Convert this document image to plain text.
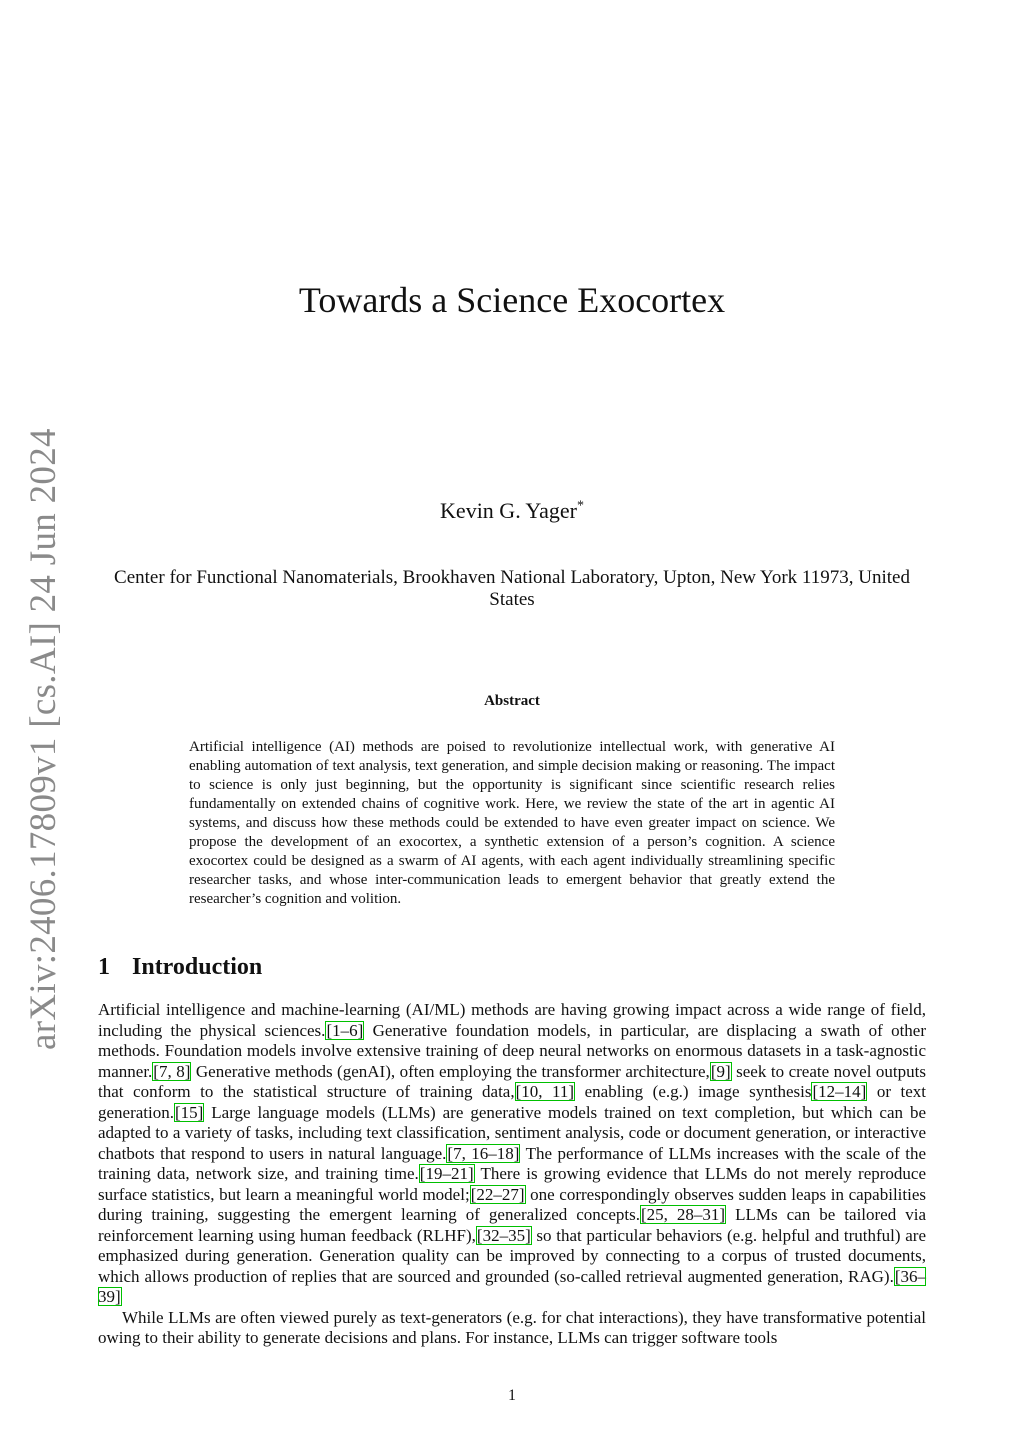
arXiv:2406.17809v1 [cs.AI] 24 Jun 2024
Towards a Science Exocortex
Kevin G. Yager*
Center for Functional Nanomaterials, Brookhaven National Laboratory, Upton, New York 11973, United States
Abstract
Artificial intelligence (AI) methods are poised to revolutionize intellectual work, with generative AI enabling automation of text analysis, text generation, and simple decision making or reasoning. The impact to science is only just beginning, but the opportunity is significant since scientific research relies fundamentally on extended chains of cognitive work. Here, we review the state of the art in agentic AI systems, and discuss how these methods could be extended to have even greater impact on science. We propose the development of an exocortex, a synthetic extension of a person’s cognition. A science exocortex could be designed as a swarm of AI agents, with each agent individually streamlining specific researcher tasks, and whose inter-communication leads to emergent behavior that greatly extend the researcher’s cognition and volition.
1 Introduction

Artificial intelligence and machine-learning (AI/ML) methods are having growing impact across a wide range of field, including the physical sciences.[1–6] Generative foundation models, in particular, are displacing a swath of other methods. Foundation models involve extensive training of deep neural networks on enormous datasets in a task-agnostic manner.[7, 8] Generative methods (genAI), often employing the transformer architecture,[9] seek to create novel outputs that conform to the statistical structure of training data,[10, 11] enabling (e.g.) image synthesis[12–14] or text generation.[15] Large language models (LLMs) are generative models trained on text completion, but which can be adapted to a variety of tasks, including text classification, sentiment analysis, code or document generation, or interactive chatbots that respond to users in natural language.[7, 16–18] The performance of LLMs increases with the scale of the training data, network size, and training time.[19–21] There is growing evidence that LLMs do not merely reproduce surface statistics, but learn a meaningful world model;[22–27] one correspondingly observes sudden leaps in capabilities during training, suggesting the emergent learning of generalized concepts.[25, 28–31] LLMs can be tailored via reinforcement learning using human feedback (RLHF),[32–35] so that particular behaviors (e.g. helpful and truthful) are emphasized during generation. Generation quality can be improved by connecting to a corpus of trusted documents, which allows production of replies that are sourced and grounded (so-called retrieval augmented generation, RAG).[36–39]

While LLMs are often viewed purely as text-generators (e.g. for chat interactions), they have transformative potential owing to their ability to generate decisions and plans. For instance, LLMs can trigger software tools

1
